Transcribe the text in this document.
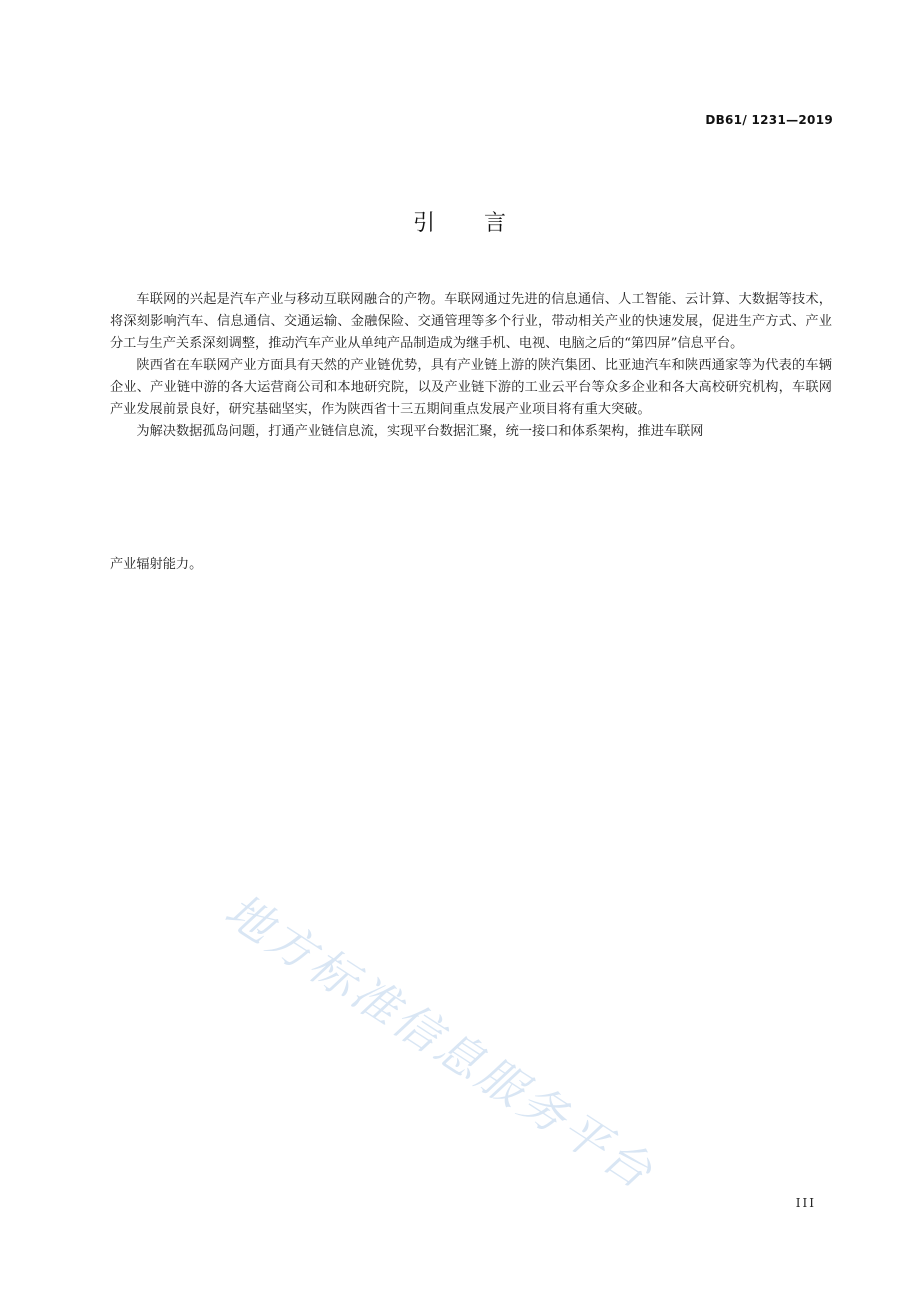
DB61/ 1231—2019
引 言

车联网的兴起是汽车产业与移动互联网融合的产物。车联网通过先进的信息通信、人工智能、云计算、大数据等技术，将深刻影响汽车、信息通信、交通运输、金融保险、交通管理等多个行业，带动相关产业的快速发展，促进生产方式、产业分工与生产关系深刻调整，推动汽车产业从单纯产品制造成为继手机、电视、电脑之后的“第四屏”信息平台。

陕西省在车联网产业方面具有天然的产业链优势，具有产业链上游的陕汽集团、比亚迪汽车和陕西通家等为代表的车辆企业、产业链中游的各大运营商公司和本地研究院，以及产业链下游的工业云平台等众多企业和各大高校研究机构，车联网产业发展前景良好，研究基础坚实，作为陕西省十三五期间重点发展产业项目将有重大突破。

为解决数据孤岛问题，打通产业链信息流，实现平台数据汇聚，统一接口和体系架构，推进车联网

产业辐射能力。
地方标准信息服务平台
III
